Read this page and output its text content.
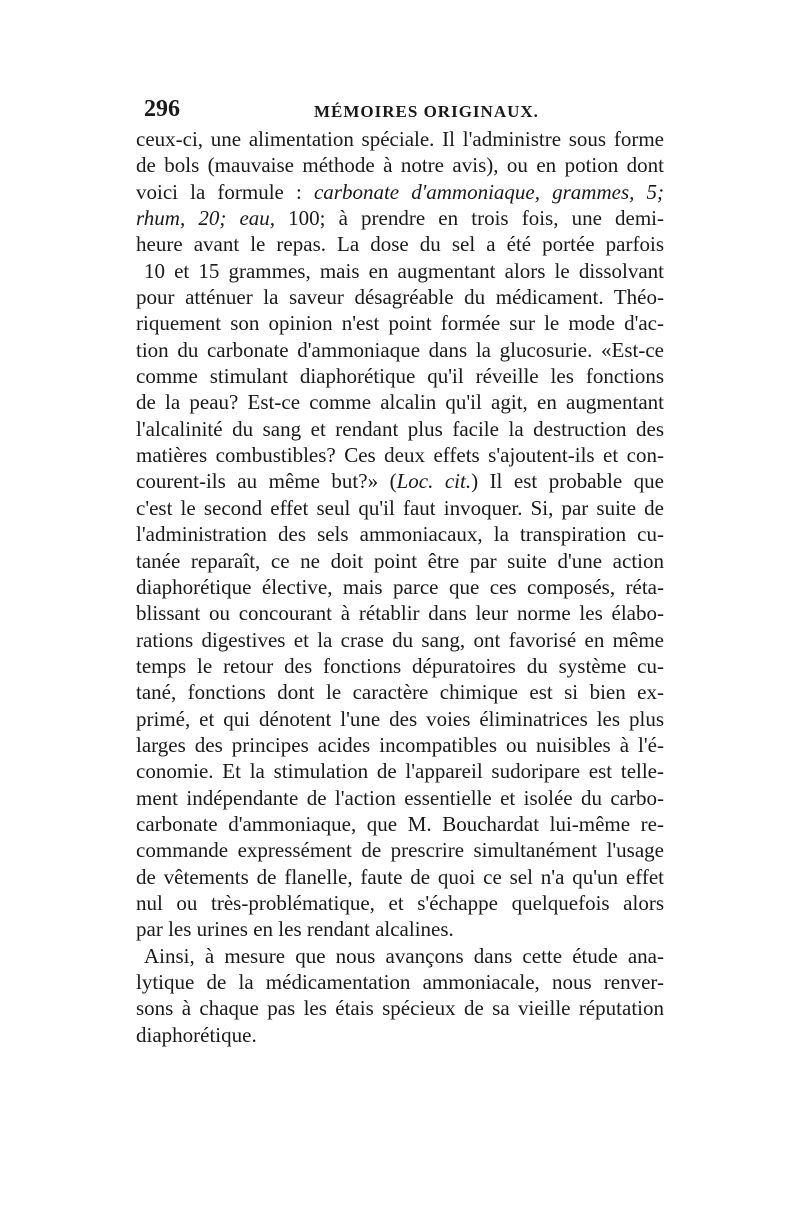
296	MÉMOIRES ORIGINAUX.
ceux-ci, une alimentation spéciale. Il l'administre sous forme
de bols (mauvaise méthode à notre avis), ou en potion dont
voici la formule : carbonate d'ammoniaque, grammes, 5;
rhum, 20; eau, 100; à prendre en trois fois, une demi-
heure avant le repas. La dose du sel a été portée parfois
10 et 15 grammes, mais en augmentant alors le dissolvant
pour atténuer la saveur désagréable du médicament. Théo-
riquement son opinion n'est point formée sur le mode d'ac-
tion du carbonate d'ammoniaque dans la glucosurie. «Est-ce
comme stimulant diaphorétique qu'il réveille les fonctions
de la peau? Est-ce comme alcalin qu'il agit, en augmentant
l'alcalinité du sang et rendant plus facile la destruction des
matières combustibles? Ces deux effets s'ajoutent-ils et con-
courent-ils au même but?» (Loc. cit.) Il est probable que
c'est le second effet seul qu'il faut invoquer. Si, par suite de
l'administration des sels ammoniacaux, la transpiration cu-
tanée reparaît, ce ne doit point être par suite d'une action
diaphorétique élective, mais parce que ces composés, réta-
blissant ou concourant à rétablir dans leur norme les élabo-
rations digestives et la crase du sang, ont favorisé en même
temps le retour des fonctions dépuratoires du système cu-
tané, fonctions dont le caractère chimique est si bien ex-
primé, et qui dénotent l'une des voies éliminatrices les plus
larges des principes acides incompatibles ou nuisibles à l'é-
conomie. Et la stimulation de l'appareil sudoripare est telle-
ment indépendante de l'action essentielle et isolée du carbo-
carbonate d'ammoniaque, que M. Bouchardat lui-même re-
commande expressément de prescrire simultanément l'usage
de vêtements de flanelle, faute de quoi ce sel n'a qu'un effet
nul ou très-problématique, et s'échappe quelquefois alors
par les urines en les rendant alcalines.
Ainsi, à mesure que nous avançons dans cette étude ana-
lytique de la médicamentation ammoniacale, nous renver-
sons à chaque pas les étais spécieux de sa vieille réputation
diaphorétique.
